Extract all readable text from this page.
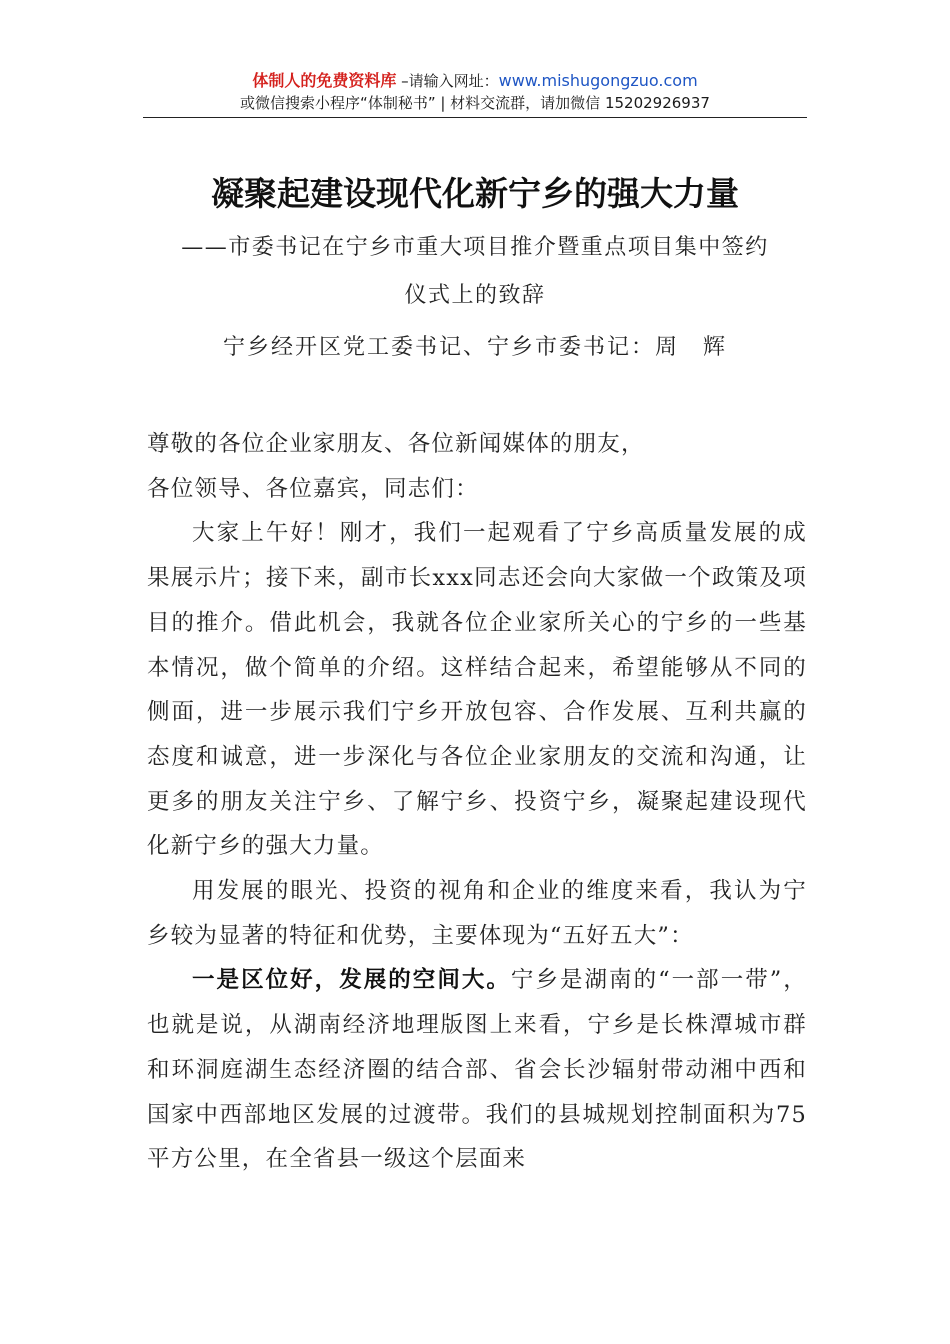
体制人的免费资料库 –请输入网址：www.mishugongzuo.com
或微信搜索小程序“体制秘书” | 材料交流群，请加微信 15202926937
凝聚起建设现代化新宁乡的强大力量
——市委书记在宁乡市重大项目推介暨重点项目集中签约
仪式上的致辞
宁乡经开区党工委书记、宁乡市委书记：周　辉

尊敬的各位企业家朋友、各位新闻媒体的朋友，

各位领导、各位嘉宾，同志们：

大家上午好！刚才，我们一起观看了宁乡高质量发展的成果展示片；接下来，副市长xxx同志还会向大家做一个政策及项目的推介。借此机会，我就各位企业家所关心的宁乡的一些基本情况，做个简单的介绍。这样结合起来，希望能够从不同的侧面，进一步展示我们宁乡开放包容、合作发展、互利共赢的态度和诚意，进一步深化与各位企业家朋友的交流和沟通，让更多的朋友关注宁乡、了解宁乡、投资宁乡，凝聚起建设现代化新宁乡的强大力量。

用发展的眼光、投资的视角和企业的维度来看，我认为宁乡较为显著的特征和优势，主要体现为“五好五大”：

一是区位好，发展的空间大。宁乡是湖南的“一部一带”，也就是说，从湖南经济地理版图上来看，宁乡是长株潭城市群和环洞庭湖生态经济圈的结合部、省会长沙辐射带动湘中西和国家中西部地区发展的过渡带。我们的县城规划控制面积为75平方公里，在全省县一级这个层面来
